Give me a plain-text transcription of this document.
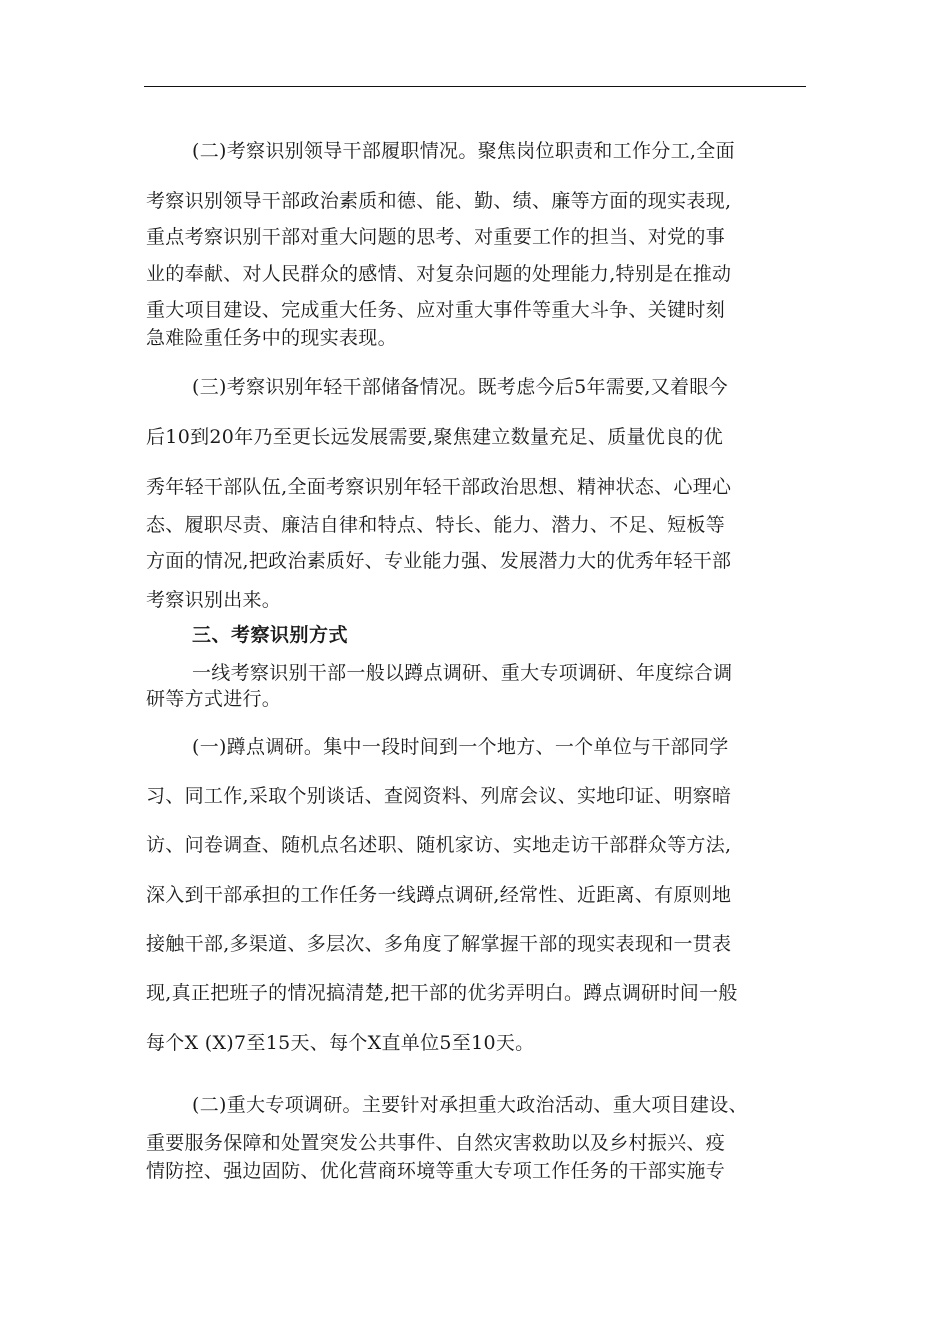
(二)考察识别领导干部履职情况。聚焦岗位职责和工作分工,全面
考察识别领导干部政治素质和德、能、勤、绩、廉等方面的现实表现,
重点考察识别干部对重大问题的思考、对重要工作的担当、对党的事
业的奉献、对人民群众的感情、对复杂问题的处理能力,特别是在推动
重大项目建设、完成重大任务、应对重大事件等重大斗争、关键时刻
急难险重任务中的现实表现。
(三)考察识别年轻干部储备情况。既考虑今后5年需要,又着眼今
后10到20年乃至更长远发展需要,聚焦建立数量充足、质量优良的优
秀年轻干部队伍,全面考察识别年轻干部政治思想、精神状态、心理心
态、履职尽责、廉洁自律和特点、特长、能力、潜力、不足、短板等
方面的情况,把政治素质好、专业能力强、发展潜力大的优秀年轻干部
考察识别出来。
三、考察识别方式
一线考察识别干部一般以蹲点调研、重大专项调研、年度综合调
研等方式进行。
(一)蹲点调研。集中一段时间到一个地方、一个单位与干部同学
习、同工作,采取个别谈话、查阅资料、列席会议、实地印证、明察暗
访、问卷调查、随机点名述职、随机家访、实地走访干部群众等方法,
深入到干部承担的工作任务一线蹲点调研,经常性、近距离、有原则地
接触干部,多渠道、多层次、多角度了解掌握干部的现实表现和一贯表
现,真正把班子的情况搞清楚,把干部的优劣弄明白。蹲点调研时间一般
每个X (X)7至15天、每个X直单位5至10天。
(二)重大专项调研。主要针对承担重大政治活动、重大项目建设、
重要服务保障和处置突发公共事件、自然灾害救助以及乡村振兴、疫
情防控、强边固防、优化营商环境等重大专项工作任务的干部实施专
